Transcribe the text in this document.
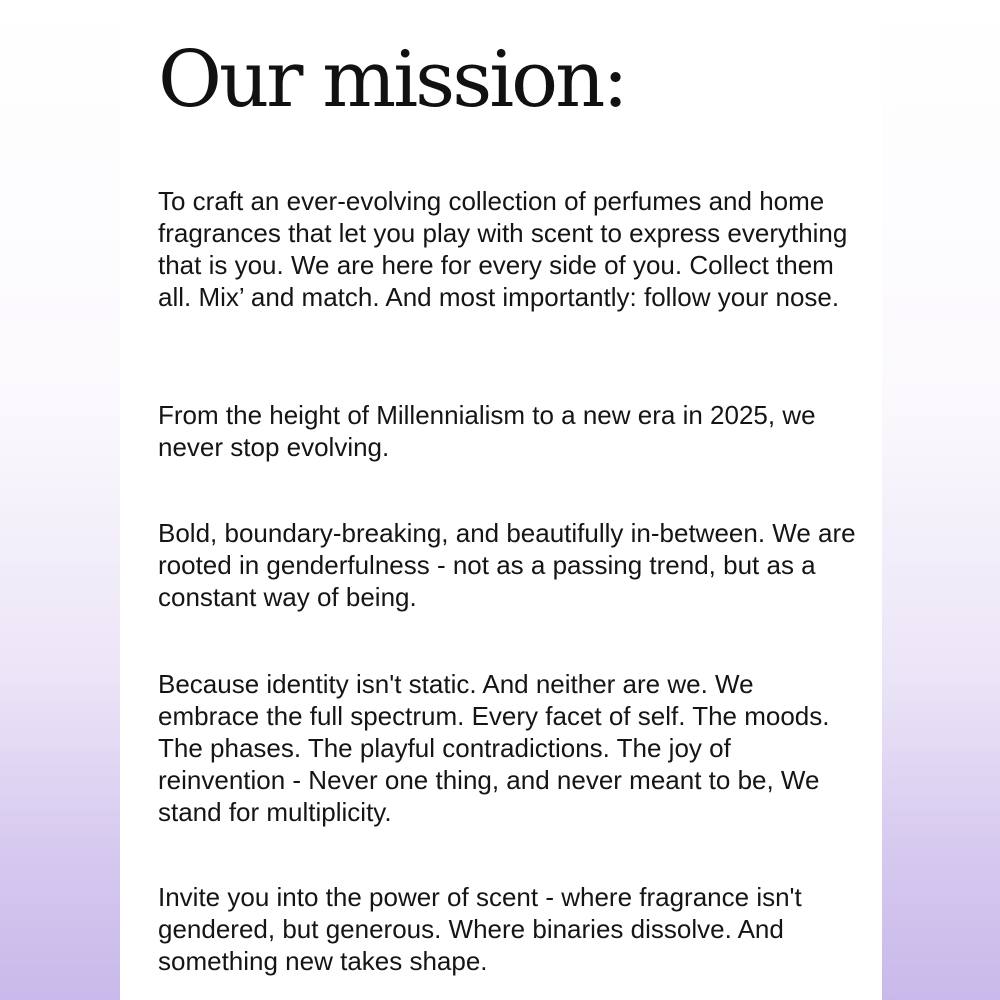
Our mission:

To craft an ever-evolving collection of perfumes and home fragrances that let you play with scent to express everything that is you. We are here for every side of you. Collect them all. Mix’ and match. And most importantly: follow your nose.

From the height of Millennialism to a new era in 2025, we never stop evolving.

Bold, boundary-breaking, and beautifully in-between. We are rooted in genderfulness - not as a passing trend, but as a constant way of being.

Because identity isn't static. And neither are we. We embrace the full spectrum. Every facet of self. The moods. The phases. The playful contradictions. The joy of reinvention - Never one thing, and never meant to be, We stand for multiplicity.

Invite you into the power of scent - where fragrance isn't gendered, but generous. Where binaries dissolve. And something new takes shape.
